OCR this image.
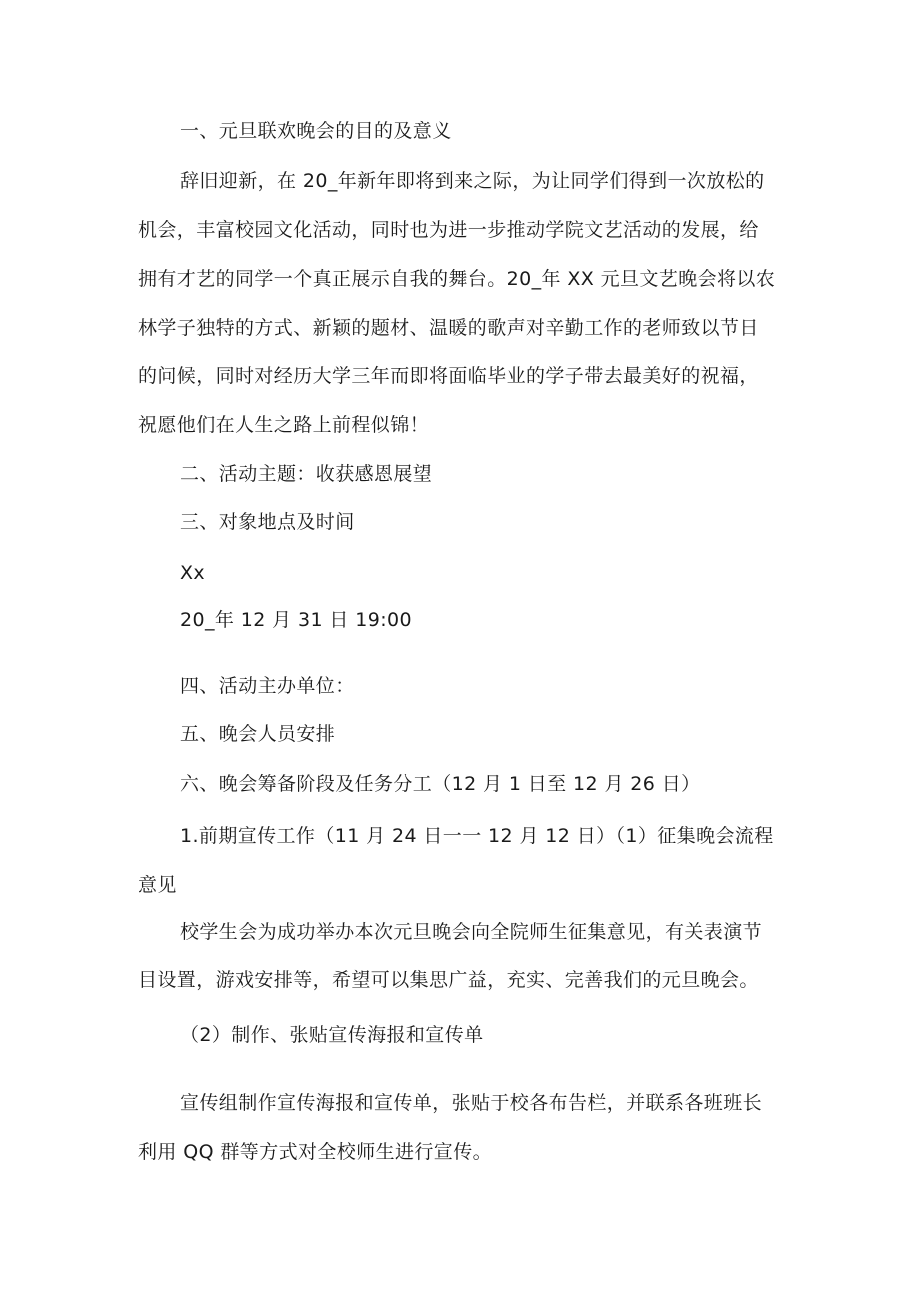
一、元旦联欢晚会的目的及意义
辞旧迎新，在 20_年新年即将到来之际，为让同学们得到一次放松的
机会，丰富校园文化活动，同时也为进一步推动学院文艺活动的发展，给
拥有才艺的同学一个真正展示自我的舞台。20_年 XX 元旦文艺晚会将以农
林学子独特的方式、新颖的题材、温暖的歌声对辛勤工作的老师致以节日
的问候，同时对经历大学三年而即将面临毕业的学子带去最美好的祝福，
祝愿他们在人生之路上前程似锦！
二、活动主题：收获感恩展望
三、对象地点及时间
Xx
20_年 12 月 31 日 19:00
四、活动主办单位：
五、晚会人员安排
六、晚会筹备阶段及任务分工（12 月 1 日至 12 月 26 日）
1.前期宣传工作（11 月 24 日一一 12 月 12 日）（1）征集晚会流程
意见
校学生会为成功举办本次元旦晚会向全院师生征集意见，有关表演节
目设置，游戏安排等，希望可以集思广益，充实、完善我们的元旦晚会。
（2）制作、张贴宣传海报和宣传单
宣传组制作宣传海报和宣传单，张贴于校各布告栏，并联系各班班长
利用 QQ 群等方式对全校师生进行宣传。
